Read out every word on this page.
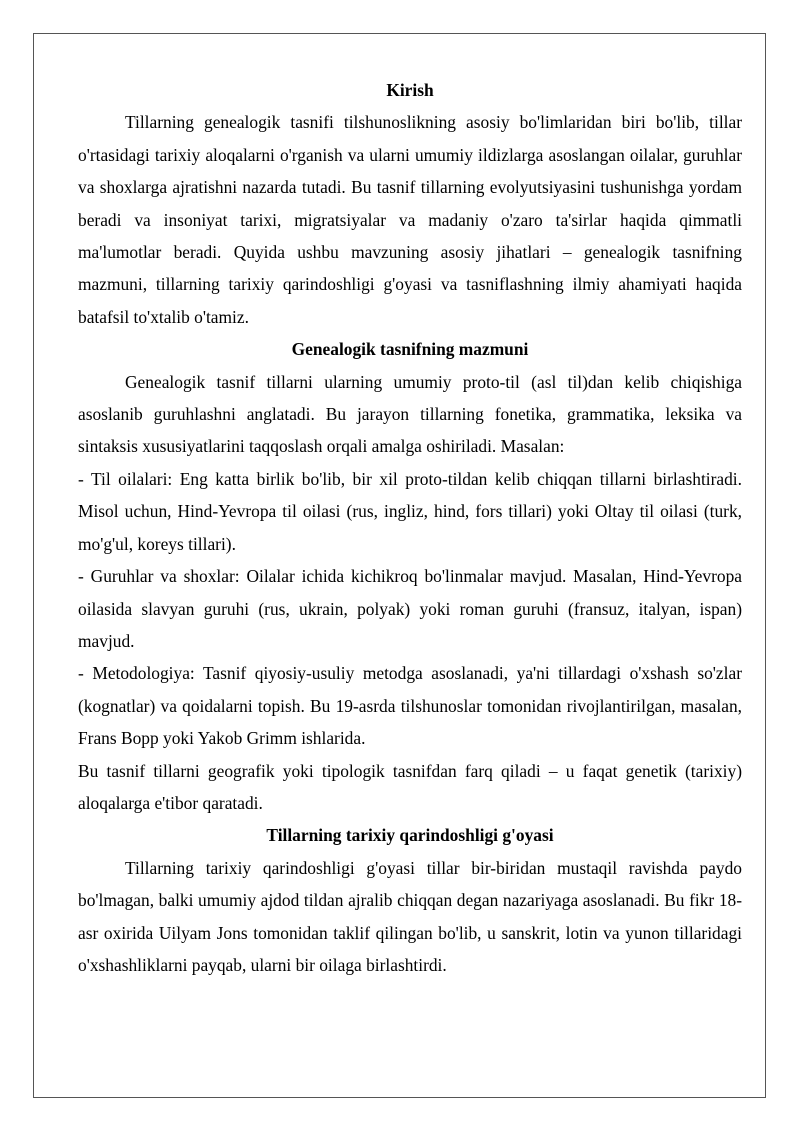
Kirish

Tillarning genealogik tasnifi tilshunoslikning asosiy bo'limlaridan biri bo'lib, tillar o'rtasidagi tarixiy aloqalarni o'rganish va ularni umumiy ildizlarga asoslangan oilalar, guruhlar va shoxlarga ajratishni nazarda tutadi. Bu tasnif tillarning evolyutsiyasini tushunishga yordam beradi va insoniyat tarixi, migratsiyalar va madaniy o'zaro ta'sirlar haqida qimmatli ma'lumotlar beradi. Quyida ushbu mavzuning asosiy jihatlari – genealogik tasnifning mazmuni, tillarning tarixiy qarindoshligi g'oyasi va tasniflashning ilmiy ahamiyati haqida batafsil to'xtalib o'tamiz.

Genealogik tasnifning mazmuni

Genealogik tasnif tillarni ularning umumiy proto-til (asl til)dan kelib chiqishiga asoslanib guruhlashni anglatadi. Bu jarayon tillarning fonetika, grammatika, leksika va sintaksis xususiyatlarini taqqoslash orqali amalga oshiriladi. Masalan:

- Til oilalari: Eng katta birlik bo'lib, bir xil proto-tildan kelib chiqqan tillarni birlashtiradi. Misol uchun, Hind-Yevropa til oilasi (rus, ingliz, hind, fors tillari) yoki Oltay til oilasi (turk, mo'g'ul, koreys tillari).

- Guruhlar va shoxlar: Oilalar ichida kichikroq bo'linmalar mavjud. Masalan, Hind-Yevropa oilasida slavyan guruhi (rus, ukrain, polyak) yoki roman guruhi (fransuz, italyan, ispan) mavjud.

- Metodologiya: Tasnif qiyosiy-usuliy metodga asoslanadi, ya'ni tillardagi o'xshash so'zlar (kognatlar) va qoidalarni topish. Bu 19-asrda tilshunoslar tomonidan rivojlantirilgan, masalan, Frans Bopp yoki Yakob Grimm ishlarida.

Bu tasnif tillarni geografik yoki tipologik tasnifdan farq qiladi – u faqat genetik (tarixiy) aloqalarga e'tibor qaratadi.

Tillarning tarixiy qarindoshligi g'oyasi

Tillarning tarixiy qarindoshligi g'oyasi tillar bir-biridan mustaqil ravishda paydo bo'lmagan, balki umumiy ajdod tildan ajralib chiqqan degan nazariyaga asoslanadi. Bu fikr 18-asr oxirida Uilyam Jons tomonidan taklif qilingan bo'lib, u sanskrit, lotin va yunon tillaridagi o'xshashliklarni payqab, ularni bir oilaga birlashtirdi.
